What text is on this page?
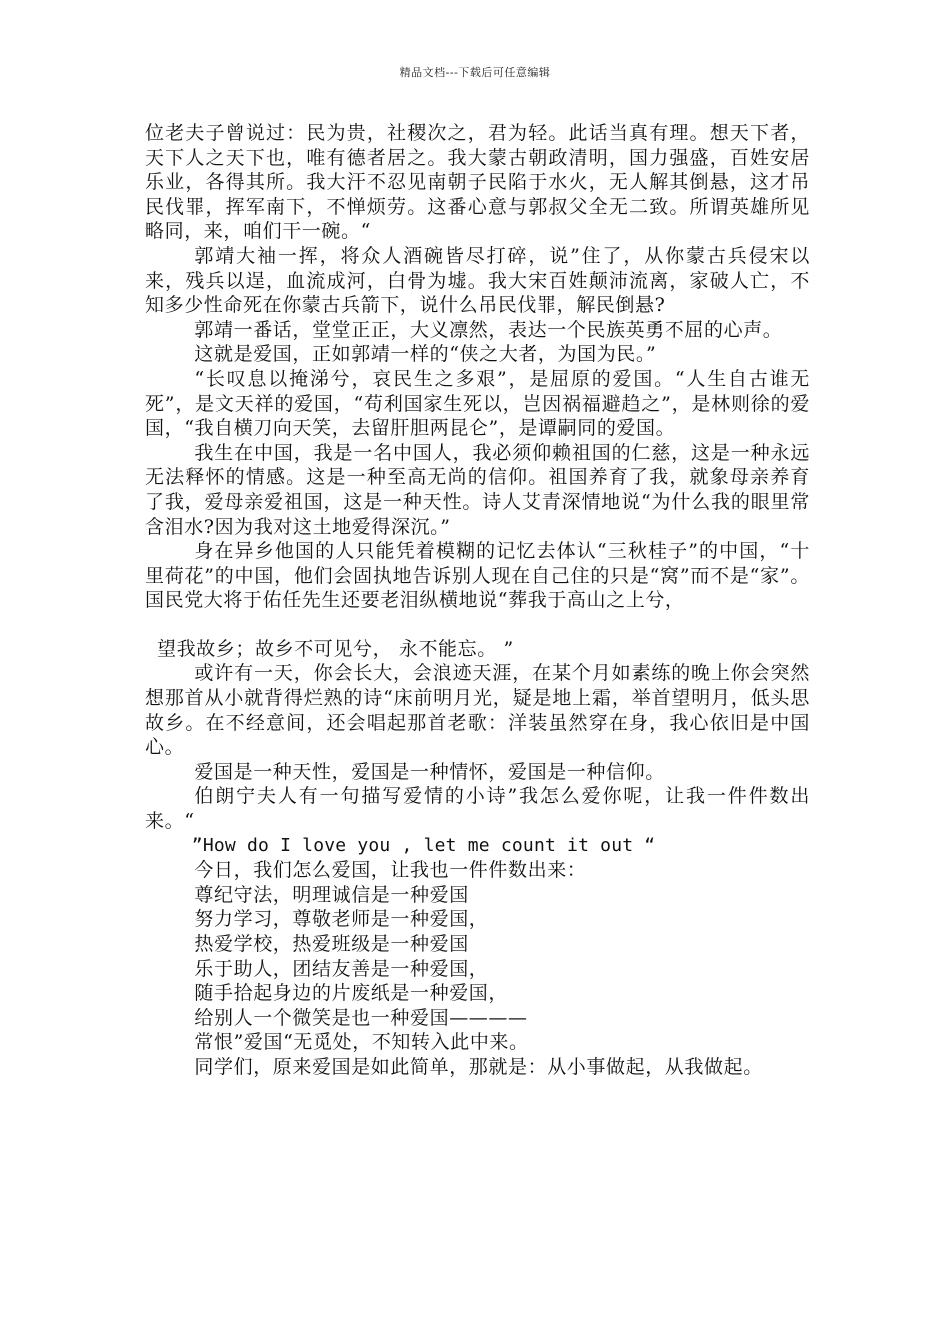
精品文档---下载后可任意编辑

位老夫子曾说过：民为贵，社稷次之，君为轻。此话当真有理。想天下者，天下人之天下也，唯有德者居之。我大蒙古朝政清明，国力强盛，百姓安居乐业，各得其所。我大汗不忍见南朝子民陷于水火，无人解其倒悬，这才吊民伐罪，挥军南下，不惮烦劳。这番心意与郭叔父全无二致。所谓英雄所见略同，来，咱们干一碗。“

郭靖大袖一挥，将众人酒碗皆尽打碎，说”住了，从你蒙古兵侵宋以来，残兵以逞，血流成河，白骨为墟。我大宋百姓颠沛流离，家破人亡，不知多少性命死在你蒙古兵箭下，说什么吊民伐罪，解民倒悬?

郭靖一番话，堂堂正正，大义凛然，表达一个民族英勇不屈的心声。

这就是爱国，正如郭靖一样的“侠之大者，为国为民。”

“长叹息以掩涕兮，哀民生之多艰”，是屈原的爱国。“人生自古谁无死”，是文天祥的爱国，“苟利国家生死以，岂因祸福避趋之”，是林则徐的爱国，“我自横刀向天笑，去留肝胆两昆仑”，是谭嗣同的爱国。

我生在中国，我是一名中国人，我必须仰赖祖国的仁慈，这是一种永远无法释怀的情感。这是一种至高无尚的信仰。祖国养育了我，就象母亲养育了我，爱母亲爱祖国，这是一种天性。诗人艾青深情地说“为什么我的眼里常含泪水?因为我对这土地爱得深沉。”

身在异乡他国的人只能凭着模糊的记忆去体认“三秋桂子”的中国，“十里荷花”的中国，他们会固执地告诉别人现在自己住的只是“窝”而不是“家”。国民党大将于佑任先生还要老泪纵横地说“葬我于高山之上兮，

望我故乡；故乡不可见兮， 永不能忘。 ”

或许有一天，你会长大，会浪迹天涯，在某个月如素练的晚上你会突然想那首从小就背得烂熟的诗“床前明月光，疑是地上霜，举首望明月，低头思故乡。在不经意间，还会唱起那首老歌：洋装虽然穿在身，我心依旧是中国心。

爱国是一种天性，爱国是一种情怀，爱国是一种信仰。

伯朗宁夫人有一句描写爱情的小诗”我怎么爱你呢，让我一件件数出来。“

”How do I love you , let me count it out “

今日，我们怎么爱国，让我也一件件数出来：

尊纪守法，明理诚信是一种爱国

努力学习，尊敬老师是一种爱国，

热爱学校，热爱班级是一种爱国

乐于助人，团结友善是一种爱国，

随手拾起身边的片废纸是一种爱国，

给别人一个微笑是也一种爱国————

常恨”爱国“无觅处，不知转入此中来。

同学们，原来爱国是如此简单，那就是：从小事做起，从我做起。
